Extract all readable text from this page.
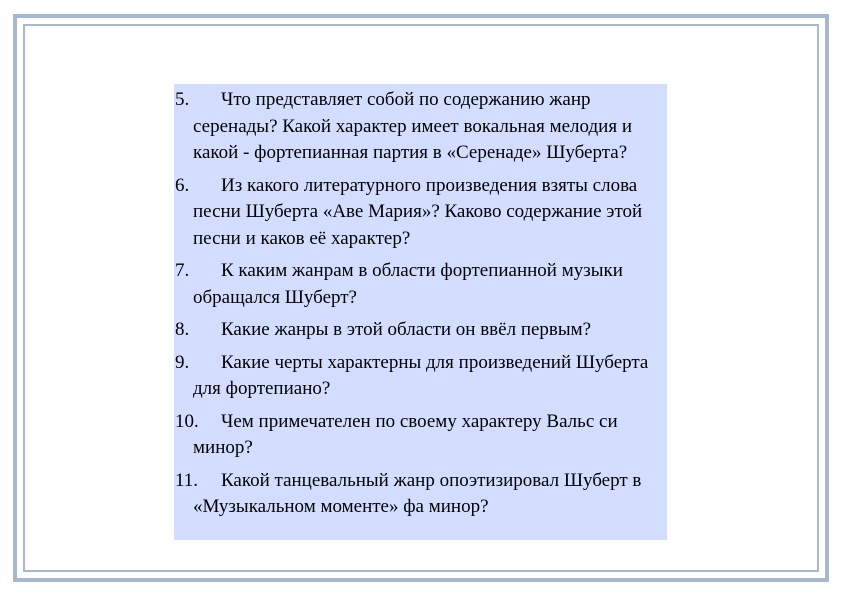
5.	Что представляет собой по содержанию жанр серенады? Какой характер имеет вокальная мелодия и какой - фортепианная партия в «Серенаде» Шуберта?
6.	Из какого литературного произведения взяты слова песни Шуберта «Аве Мария»? Каково содержание этой песни и каков её характер?
7.	К каким жанрам в области фортепианной музыки обращался Шуберт?
8.	Какие жанры в этой области он ввёл первым?
9.	Какие черты характерны для произведений Шуберта для фортепиано?
10.	Чем примечателен по своему характеру Вальс си минор?
11.	Какой танцевальный жанр опоэтизировал Шуберт в «Музыкальном моменте» фа минор?
